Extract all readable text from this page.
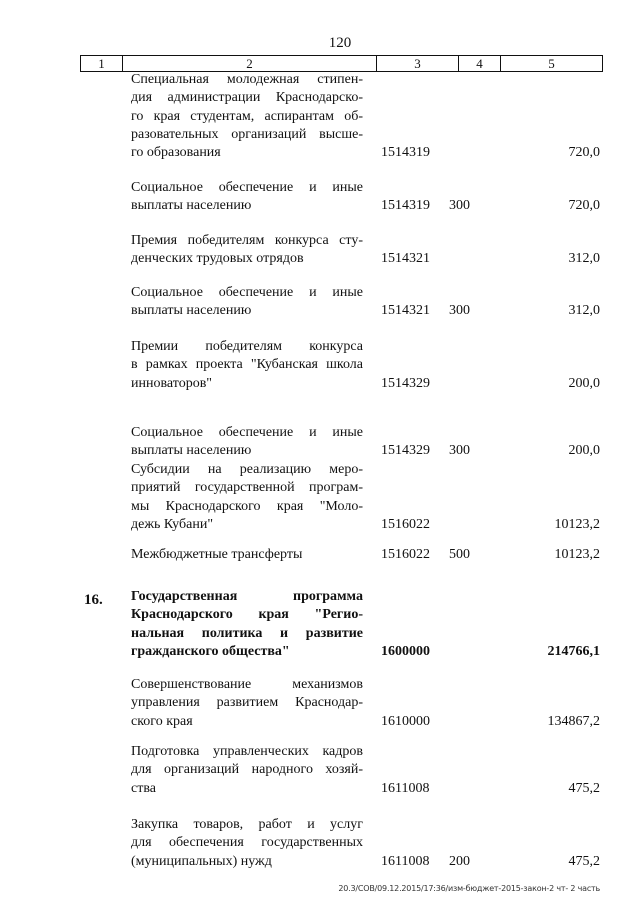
120
1	2	3	4	5
Специальная молодежная стипен-
дия администрации Краснодарско-
го края студентам, аспирантам об-
разовательных организаций высше-
го образования	1514319	720,0
Социальное обеспечение и иные
выплаты населению	1514319 300	720,0
Премия победителям конкурса сту-
денческих трудовых отрядов	1514321	312,0
Социальное обеспечение и иные
выплаты населению	1514321 300	312,0
Премии победителям конкурса
в рамках проекта "Кубанская школа
инноваторов"	1514329	200,0
Социальное обеспечение и иные
выплаты населению	1514329 300	200,0
Субсидии на реализацию меро-
приятий государственной програм-
мы Краснодарского края "Моло-
дежь Кубани"	1516022	10123,2
Межбюджетные трансферты	1516022 500	10123,2
16. Государственная программа
Краснодарского края "Регио-
нальная политика и развитие
гражданского общества"	1600000	214766,1
Совершенствование механизмов
управления развитием Краснодар-
ского края	1610000	134867,2
Подготовка управленческих кадров
для организаций народного хозяй-
ства	1611008	475,2
Закупка товаров, работ и услуг
для обеспечения государственных
(муниципальных) нужд	1611008 200	475,2
20.3/СОВ/09.12.2015/17:36/изм-бюджет-2015-закон-2 чт- 2 часть
